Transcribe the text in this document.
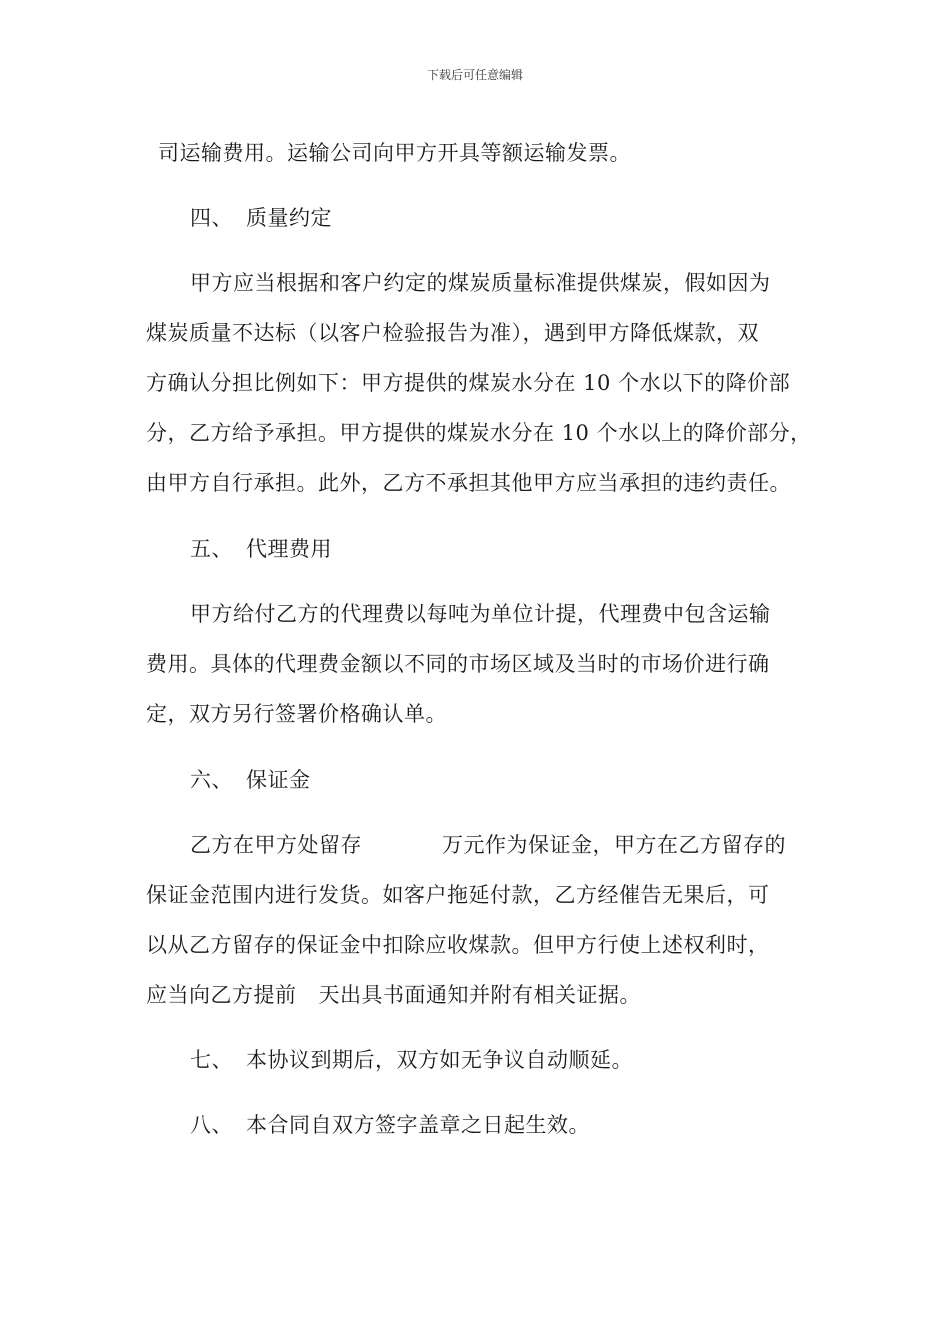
下载后可任意编辑
司运输费用。运输公司向甲方开具等额运输发票。
四、 质量约定
甲方应当根据和客户约定的煤炭质量标准提供煤炭，假如因为
煤炭质量不达标（以客户检验报告为准），遇到甲方降低煤款，双
方确认分担比例如下：甲方提供的煤炭水分在 10 个水以下的降价部
分，乙方给予承担。甲方提供的煤炭水分在 10 个水以上的降价部分，
由甲方自行承担。此外，乙方不承担其他甲方应当承担的违约责任。
五、 代理费用
甲方给付乙方的代理费以每吨为单位计提，代理费中包含运输
费用。具体的代理费金额以不同的市场区域及当时的市场价进行确
定，双方另行签署价格确认单。
六、 保证金
乙方在甲方处留存	万元作为保证金，甲方在乙方留存的
保证金范围内进行发货。如客户拖延付款，乙方经催告无果后，可
以从乙方留存的保证金中扣除应收煤款。但甲方行使上述权利时，
应当向乙方提前 天出具书面通知并附有相关证据。
七、 本协议到期后，双方如无争议自动顺延。
八、 本合同自双方签字盖章之日起生效。
